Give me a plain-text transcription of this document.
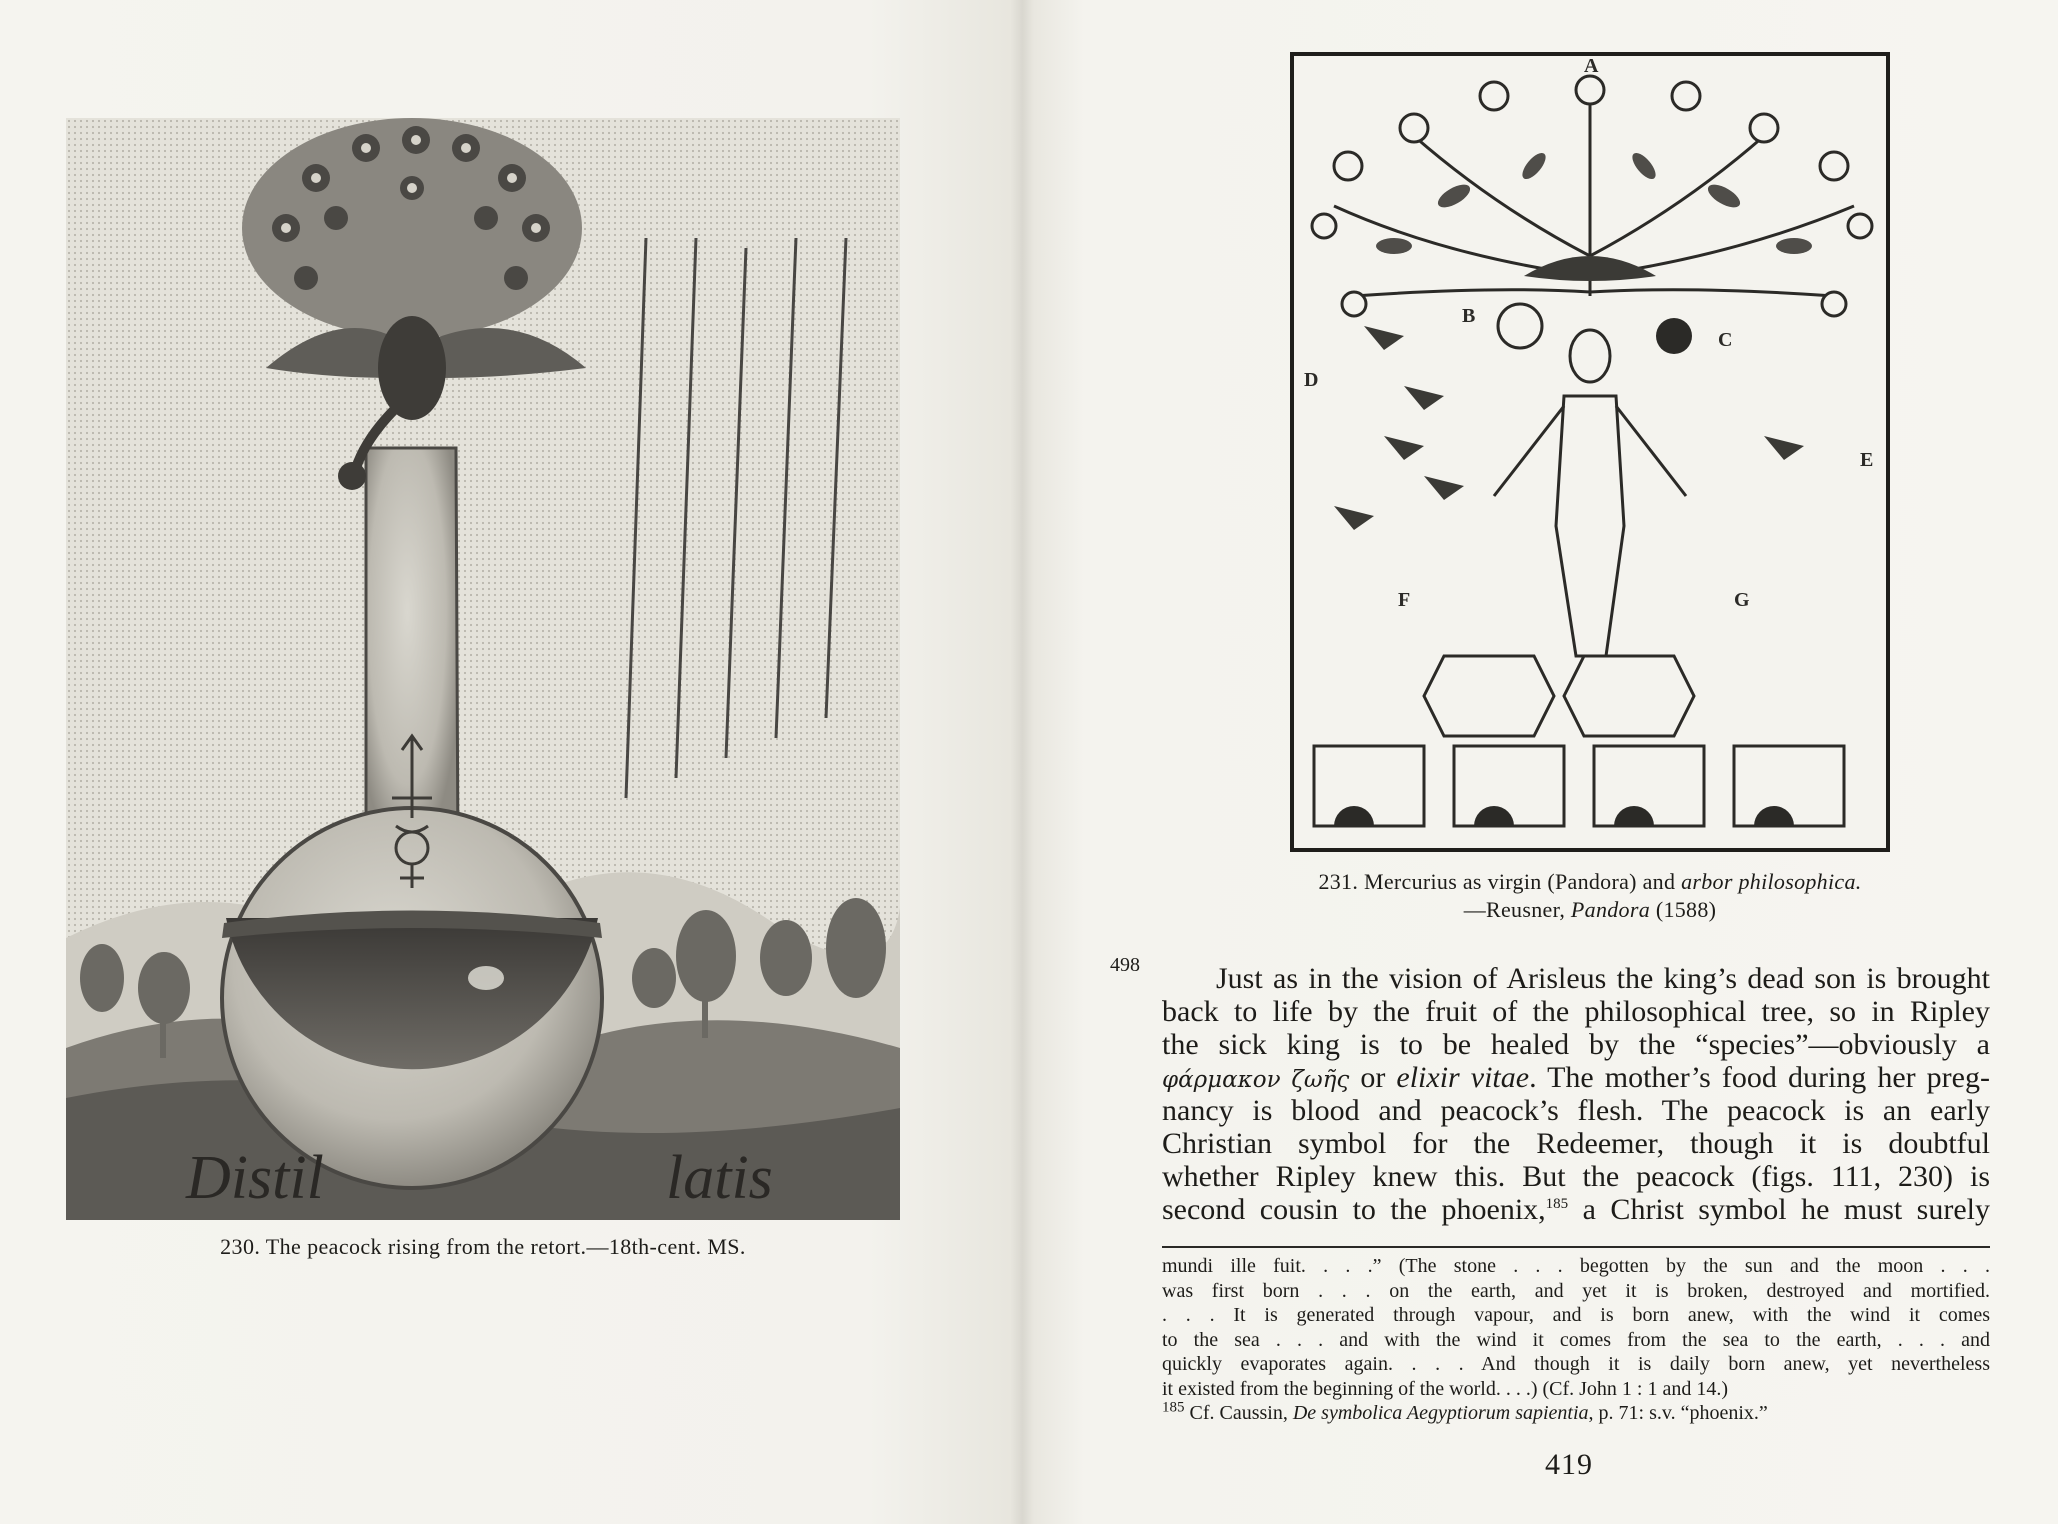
Distil	latis
230. The peacock rising from the retort.—18th-cent. MS.
A
B
C
D
E
F	G
231. Mercurius as virgin (Pandora) and arbor philosophica.
—Reusner, Pandora (1588)
498	Just as in the vision of Arisleus the king’s dead son is brought
back to life by the fruit of the philosophical tree, so in Ripley
the sick king is to be healed by the “species”—obviously a
φάρμακον ζωῆς or elixir vitae. The mother’s food during her preg-
nancy is blood and peacock’s flesh. The peacock is an early
Christian symbol for the Redeemer, though it is doubtful
whether Ripley knew this. But the peacock (figs. 111, 230) is
second cousin to the phoenix,$^{185}$ a Christ symbol he must surely
mundi ille fuit. . . .” (The stone . . . begotten by the sun and the moon . . .
was first born . . . on the earth, and yet it is broken, destroyed and mortified.
. . . It is generated through vapour, and is born anew, with the wind it comes
to the sea . . . and with the wind it comes from the sea to the earth, . . . and
quickly evaporates again. . . . And though it is daily born anew, yet nevertheless
it existed from the beginning of the world. . . .) (Cf. John 1 : 1 and 14.)
$^{185}$ Cf. Caussin, De symbolica Aegyptiorum sapientia, p. 71: s.v. “phoenix.”
419
